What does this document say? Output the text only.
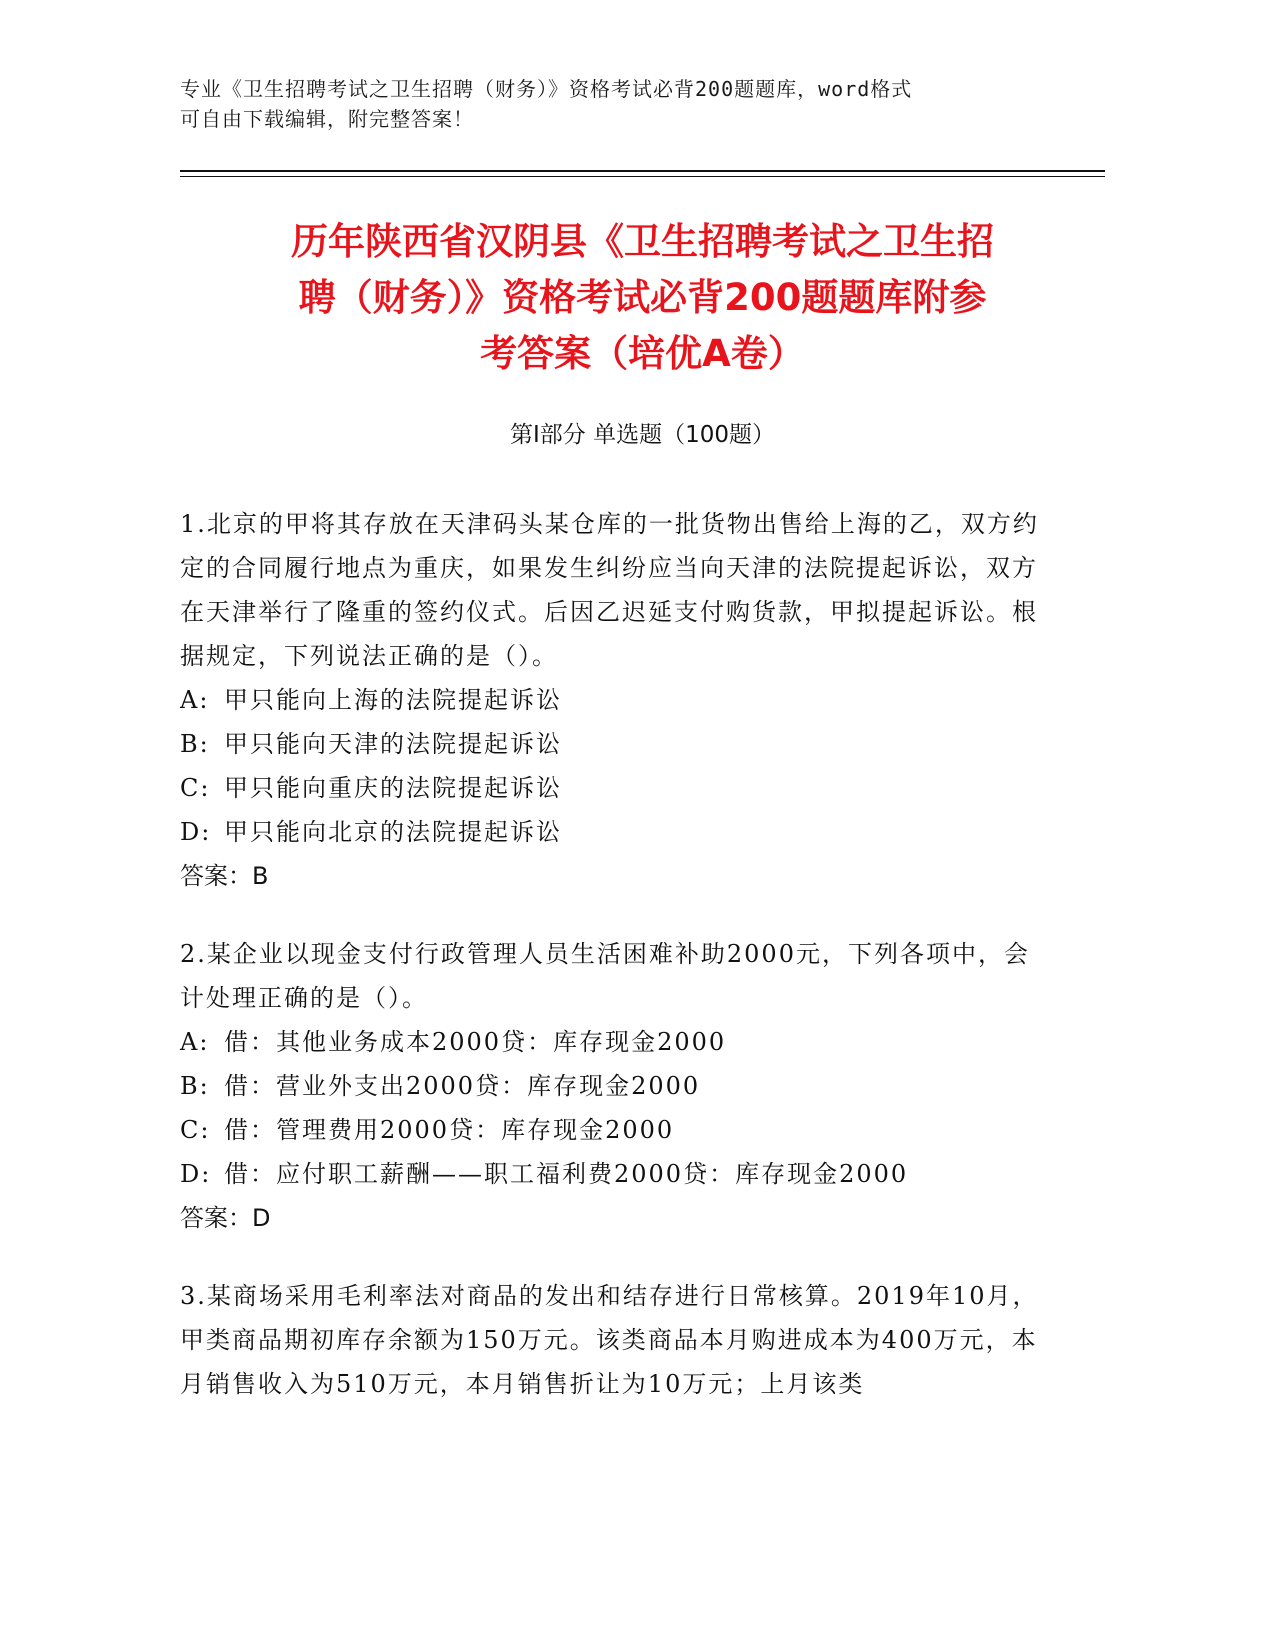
专业《卫生招聘考试之卫生招聘（财务）》资格考试必背200题题库，word格式
可自由下载编辑，附完整答案！
历年陕西省汉阴县《卫生招聘考试之卫生招
聘（财务）》资格考试必背200题题库附参
考答案（培优A卷）
第Ⅰ部分 单选题（100题）

1.北京的甲将其存放在天津码头某仓库的一批货物出售给上海的乙，双方约定的合同履行地点为重庆，如果发生纠纷应当向天津的法院提起诉讼，双方在天津举行了隆重的签约仪式。后因乙迟延支付购货款，甲拟提起诉讼。根据规定，下列说法正确的是（）。

A: 甲只能向上海的法院提起诉讼
B: 甲只能向天津的法院提起诉讼
C: 甲只能向重庆的法院提起诉讼
D: 甲只能向北京的法院提起诉讼

答案：B

2.某企业以现金支付行政管理人员生活困难补助2000元，下列各项中，会计处理正确的是（）。

A: 借：其他业务成本2000贷：库存现金2000
B: 借：营业外支出2000贷：库存现金2000
C: 借：管理费用2000贷：库存现金2000
D: 借：应付职工薪酬——职工福利费2000贷：库存现金2000

答案：D

3.某商场采用毛利率法对商品的发出和结存进行日常核算。2019年10月，甲类商品期初库存余额为150万元。该类商品本月购进成本为400万元，本月销售收入为510万元，本月销售折让为10万元；上月该类
